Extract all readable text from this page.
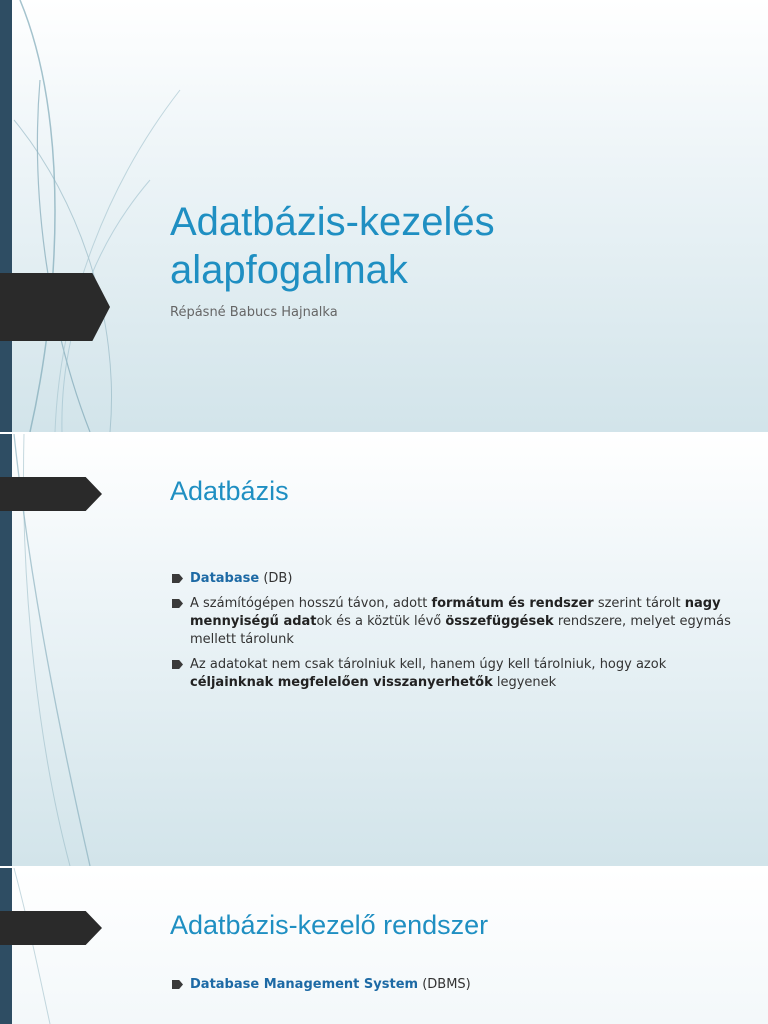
Adatbázis-kezelés
alapfogalmak
Répásné Babucs Hajnalka
Adatbázis
Database (DB)
A számítógépen hosszú távon, adott formátum és rendszer szerint tárolt nagy mennyiségű adatok és a köztük lévő összefüggések rendszere, melyet egymás mellett tárolunk
Az adatokat nem csak tárolniuk kell, hanem úgy kell tárolniuk, hogy azok céljainknak megfelelően visszanyerhetők legyenek
Adatbázis-kezelő rendszer
Database Management System (DBMS)
